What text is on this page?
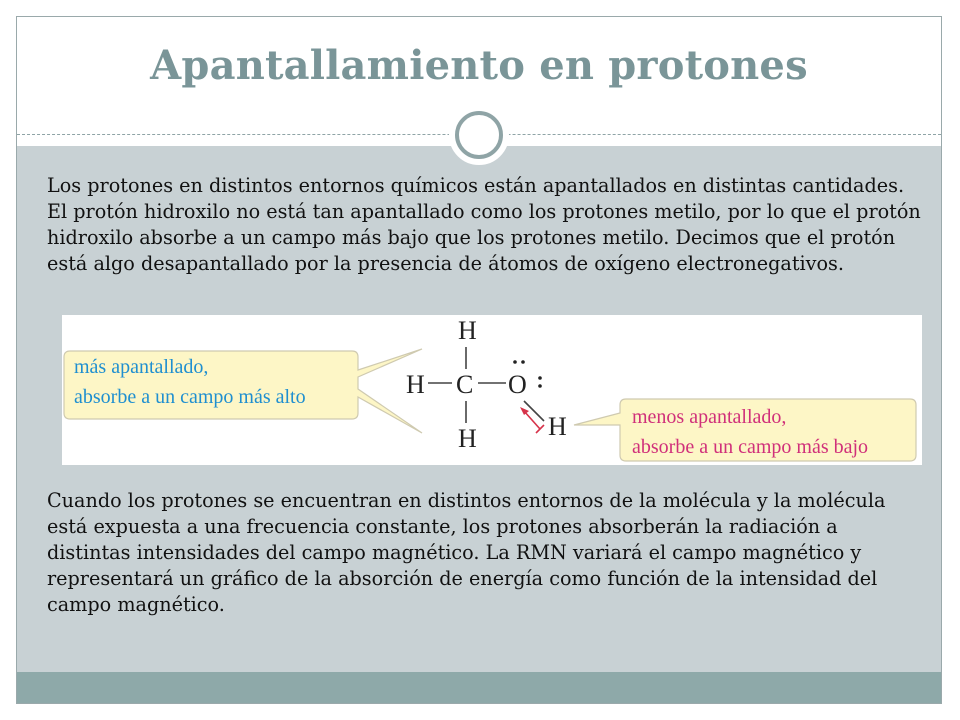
Apantallamiento en protones

Los protones en distintos entornos químicos están apantallados en distintas cantidades. El protón hidroxilo no está tan apantallado como los protones metilo, por lo que el protón hidroxilo absorbe a un campo más bajo que los protones metilo. Decimos que el protón está algo desapantallado por la presencia de átomos de oxígeno electronegativos.

más apantallado,
absorbe a un campo más alto
H
H C O
H	H	menos apantallado,
absorbe a un campo más bajo

Cuando los protones se encuentran en distintos entornos de la molécula y la molécula está expuesta a una frecuencia constante, los protones absorberán la radiación a distintas intensidades del campo magnético. La RMN variará el campo magnético y representará un gráfico de la absorción de energía como función de la intensidad del campo magnético.
